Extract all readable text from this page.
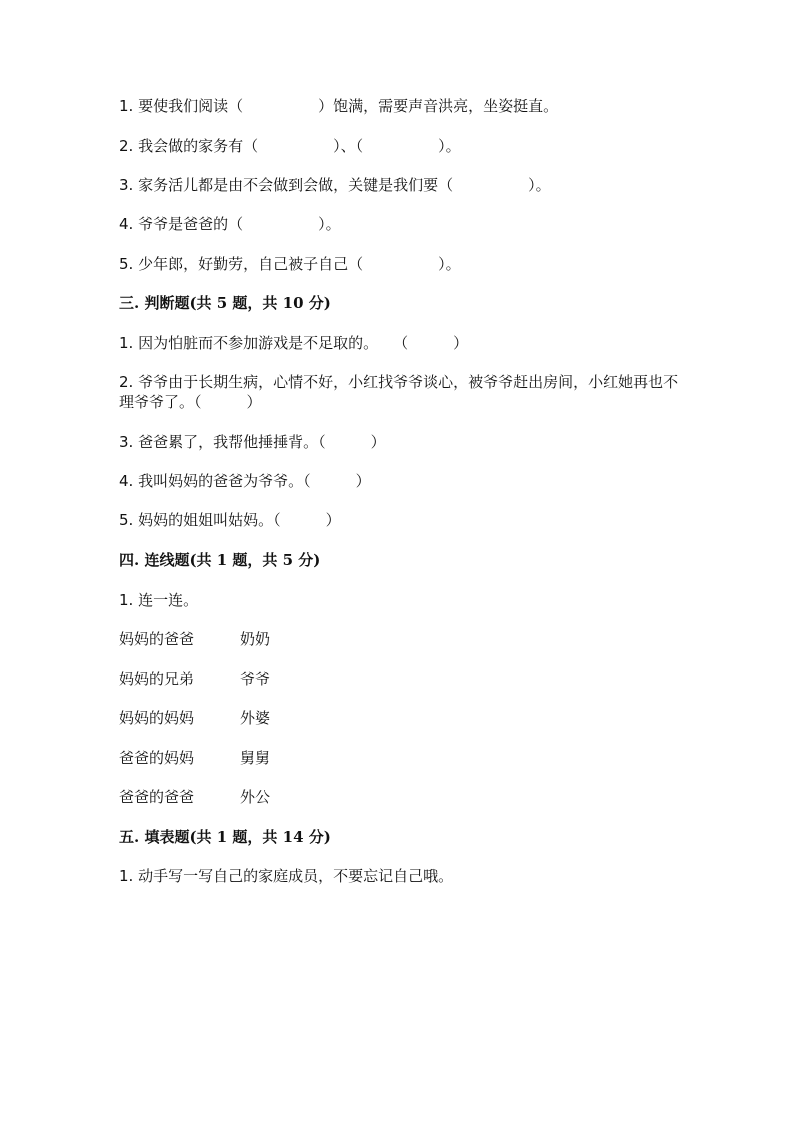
1. 要使我们阅读（　　　　　）饱满，需要声音洪亮，坐姿挺直。

2. 我会做的家务有（　　　　　）、（　　　　　）。

3. 家务活儿都是由不会做到会做，关键是我们要（　　　　　）。

4. 爷爷是爸爸的（　　　　　）。

5. 少年郎，好勤劳，自己被子自己（　　　　　）。

三. 判断题(共 5 题，共 10 分)

1. 因为怕脏而不参加游戏是不足取的。　　（　　　）

2. 爷爷由于长期生病，心情不好，小红找爷爷谈心，被爷爷赶出房间，小红她再也不理爷爷了。（　　　）

3. 爸爸累了，我帮他捶捶背。（　　　）

4. 我叫妈妈的爸爸为爷爷。（　　　）

5. 妈妈的姐姐叫姑妈。（　　　）

四. 连线题(共 1 题，共 5 分)

1. 连一连。

妈妈的爸爸	奶奶
妈妈的兄弟	爷爷
妈妈的妈妈	外婆
爸爸的妈妈	舅舅
爸爸的爸爸	外公

五. 填表题(共 1 题，共 14 分)

1. 动手写一写自己的家庭成员，不要忘记自己哦。
